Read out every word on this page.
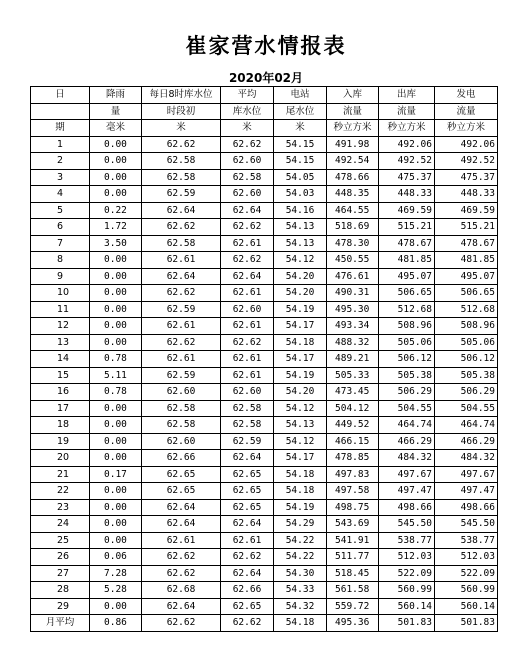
崔家营水情报表
2020年02月
日	降雨	每日8时库水位	平均	电站	入库	出库	发电
	量	时段初	库水位	尾水位	流量	流量	流量
期	毫米	米	米	米	秒立方米	秒立方米	秒立方米
1	0.00	62.62	62.62	54.15	491.98	492.06	492.06
2	0.00	62.58	62.60	54.15	492.54	492.52	492.52
3	0.00	62.58	62.58	54.05	478.66	475.37	475.37
4	0.00	62.59	62.60	54.03	448.35	448.33	448.33
5	0.22	62.64	62.64	54.16	464.55	469.59	469.59
6	1.72	62.62	62.62	54.13	518.69	515.21	515.21
7	3.50	62.58	62.61	54.13	478.30	478.67	478.67
8	0.00	62.61	62.62	54.12	450.55	481.85	481.85
9	0.00	62.64	62.64	54.20	476.61	495.07	495.07
10	0.00	62.62	62.61	54.20	490.31	506.65	506.65
11	0.00	62.59	62.60	54.19	495.30	512.68	512.68
12	0.00	62.61	62.61	54.17	493.34	508.96	508.96
13	0.00	62.62	62.62	54.18	488.32	505.06	505.06
14	0.78	62.61	62.61	54.17	489.21	506.12	506.12
15	5.11	62.59	62.61	54.19	505.33	505.38	505.38
16	0.78	62.60	62.60	54.20	473.45	506.29	506.29
17	0.00	62.58	62.58	54.12	504.12	504.55	504.55
18	0.00	62.58	62.58	54.13	449.52	464.74	464.74
19	0.00	62.60	62.59	54.12	466.15	466.29	466.29
20	0.00	62.66	62.64	54.17	478.85	484.32	484.32
21	0.17	62.65	62.65	54.18	497.83	497.67	497.67
22	0.00	62.65	62.65	54.18	497.58	497.47	497.47
23	0.00	62.64	62.65	54.19	498.75	498.66	498.66
24	0.00	62.64	62.64	54.29	543.69	545.50	545.50
25	0.00	62.61	62.61	54.22	541.91	538.77	538.77
26	0.06	62.62	62.62	54.22	511.77	512.03	512.03
27	7.28	62.62	62.64	54.30	518.45	522.09	522.09
28	5.28	62.68	62.66	54.33	561.58	560.99	560.99
29	0.00	62.64	62.65	54.32	559.72	560.14	560.14
月平均	0.86	62.62	62.62	54.18	495.36	501.83	501.83
